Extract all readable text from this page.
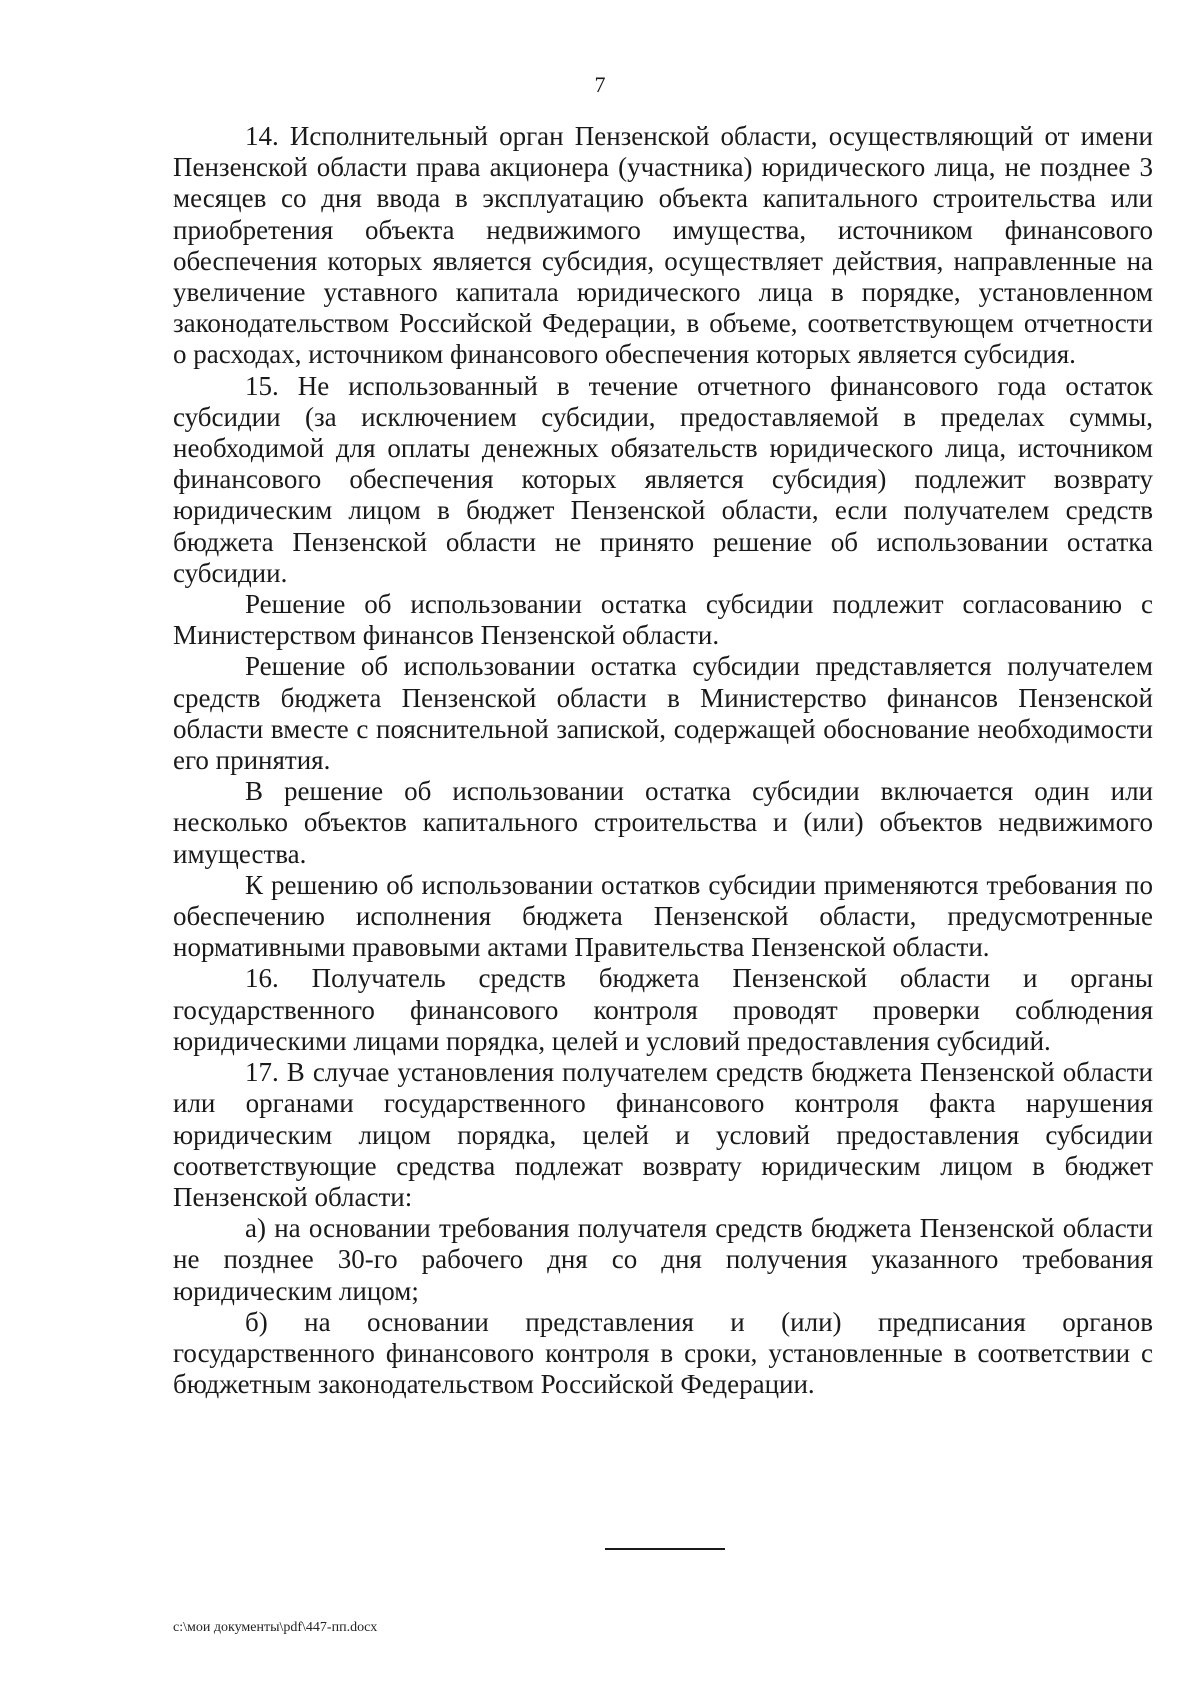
7

14. Исполнительный орган Пензенской области, осуществляющий от имени Пензенской области права акционера (участника) юридического лица, не позднее 3 месяцев со дня ввода в эксплуатацию объекта капитального строительства или приобретения объекта недвижимого имущества, источником финансового обеспечения которых является субсидия, осуществляет действия, направленные на увеличение уставного капитала юридического лица в порядке, установленном законодательством Российской Федерации, в объеме, соответствующем отчетности о расходах, источником финансового обеспечения которых является субсидия.

15. Не использованный в течение отчетного финансового года остаток субсидии (за исключением субсидии, предоставляемой в пределах суммы, необходимой для оплаты денежных обязательств юридического лица, источником финансового обеспечения которых является субсидия) подлежит возврату юридическим лицом в бюджет Пензенской области, если получателем средств бюджета Пензенской области не принято решение об использовании остатка субсидии.

Решение об использовании остатка субсидии подлежит согласованию с Министерством финансов Пензенской области.

Решение об использовании остатка субсидии представляется получателем средств бюджета Пензенской области в Министерство финансов Пензенской области вместе с пояснительной запиской, содержащей обоснование необходимости его принятия.

В решение об использовании остатка субсидии включается один или несколько объектов капитального строительства и (или) объектов недвижимого имущества.

К решению об использовании остатков субсидии применяются требования по обеспечению исполнения бюджета Пензенской области, предусмотренные нормативными правовыми актами Правительства Пензенской области.

16. Получатель средств бюджета Пензенской области и органы государственного финансового контроля проводят проверки соблюдения юридическими лицами порядка, целей и условий предоставления субсидий.

17. В случае установления получателем средств бюджета Пензенской области или органами государственного финансового контроля факта нарушения юридическим лицом порядка, целей и условий предоставления субсидии соответствующие средства подлежат возврату юридическим лицом в бюджет Пензенской области:

а) на основании требования получателя средств бюджета Пензенской области не позднее 30-го рабочего дня со дня получения указанного требования юридическим лицом;

б) на основании представления и (или) предписания органов государственного финансового контроля в сроки, установленные в соответствии с бюджетным законодательством Российской Федерации.

c:\мои документы\pdf\447-пп.docx
